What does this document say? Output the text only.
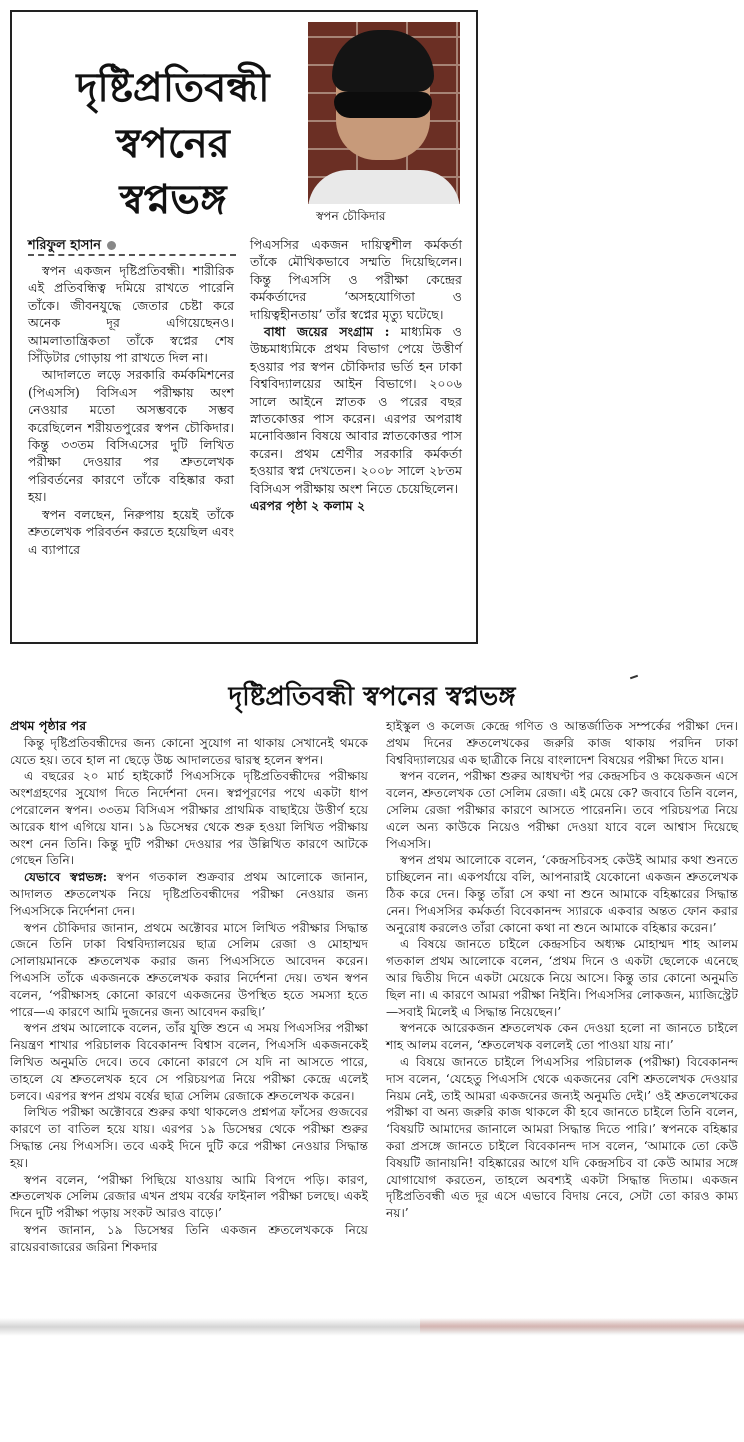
দৃষ্টিপ্রতিবন্ধী স্বপনের স্বপ্নভঙ্গ	স্বপন চৌকিদার

শরিফুল হাসান

স্বপন একজন দৃষ্টিপ্রতিবন্ধী। শারীরিক এই প্রতিবন্ধিত্ব দমিয়ে রাখতে পারেনি তাঁকে। জীবনযুদ্ধে জেতার চেষ্টা করে অনেক দূর এগিয়েছেনও। আমলাতান্ত্রিকতা তাঁকে স্বপ্নের শেষ সিঁড়িটার গোড়ায় পা রাখতে দিল না।

আদালতে লড়ে সরকারি কর্মকমিশনের (পিএসসি) বিসিএস পরীক্ষায় অংশ নেওয়ার মতো অসম্ভবকে সম্ভব করেছিলেন শরীয়তপুরের স্বপন চৌকিদার। কিন্তু ৩৩তম বিসিএসের দুটি লিখিত পরীক্ষা দেওয়ার পর শ্রুতলেখক পরিবর্তনের কারণে তাঁকে বহিষ্কার করা হয়।

স্বপন বলছেন, নিরুপায় হয়েই তাঁকে শ্রুতলেখক পরিবর্তন করতে হয়েছিল এবং এ ব্যাপারে

পিএসসির একজন দায়িত্বশীল কর্মকর্তা তাঁকে মৌখিকভাবে সম্মতি দিয়েছিলেন। কিন্তু পিএসসি ও পরীক্ষা কেন্দ্রের কর্মকর্তাদের ‘অসহযোগিতা ও দায়িত্বহীনতায়’ তাঁর স্বপ্নের মৃত্যু ঘটেছে।

বাধা জয়ের সংগ্রাম : মাধ্যমিক ও উচ্চমাধ্যমিকে প্রথম বিভাগ পেয়ে উত্তীর্ণ হওয়ার পর স্বপন চৌকিদার ভর্তি হন ঢাকা বিশ্ববিদ্যালয়ের আইন বিভাগে। ২০০৬ সালে আইনে স্নাতক ও পরের বছর স্নাতকোত্তর পাস করেন। এরপর অপরাধ মনোবিজ্ঞান বিষয়ে আবার স্নাতকোত্তর পাস করেন। প্রথম শ্রেণীর সরকারি কর্মকর্তা হওয়ার স্বপ্ন দেখতেন। ২০০৮ সালে ২৮তম বিসিএস পরীক্ষায় অংশ নিতে চেয়েছিলেন।

এরপর পৃষ্ঠা ২ কলাম ২

দৃষ্টিপ্রতিবন্ধী স্বপনের স্বপ্নভঙ্গ

প্রথম পৃষ্ঠার পর

কিন্তু দৃষ্টিপ্রতিবন্ধীদের জন্য কোনো সুযোগ না থাকায় সেখানেই থমকে যেতে হয়। তবে হাল না ছেড়ে উচ্চ আদালতের দ্বারস্থ হলেন স্বপন।

এ বছরের ২০ মার্চ হাইকোর্ট পিএসসিকে দৃষ্টিপ্রতিবন্ধীদের পরীক্ষায় অংশগ্রহণের সুযোগ দিতে নির্দেশনা দেন। স্বপ্নপূরণের পথে একটা ধাপ পেরোলেন স্বপন। ৩৩তম বিসিএস পরীক্ষার প্রাথমিক বাছাইয়ে উত্তীর্ণ হয়ে আরেক ধাপ এগিয়ে যান। ১৯ ডিসেম্বর থেকে শুরু হওয়া লিখিত পরীক্ষায় অংশ নেন তিনি। কিন্তু দুটি পরীক্ষা দেওয়ার পর উল্লিখিত কারণে আটকে গেছেন তিনি।

যেভাবে স্বপ্নভঙ্গ: স্বপন গতকাল শুক্রবার প্রথম আলোকে জানান, আদালত শ্রুতলেখক নিয়ে দৃষ্টিপ্রতিবন্ধীদের পরীক্ষা নেওয়ার জন্য পিএসসিকে নির্দেশনা দেন।

স্বপন চৌকিদার জানান, প্রথমে অক্টোবর মাসে লিখিত পরীক্ষার সিদ্ধান্ত জেনে তিনি ঢাকা বিশ্ববিদ্যালয়ের ছাত্র সেলিম রেজা ও মোহাম্মদ সোলায়মানকে শ্রুতলেখক করার জন্য পিএসসিতে আবেদন করেন। পিএসসি তাঁকে একজনকে শ্রুতলেখক করার নির্দেশনা দেয়। তখন স্বপন বলেন, ‘পরীক্ষাসহ কোনো কারণে একজনের উপস্থিত হতে সমস্যা হতে পারে—এ কারণে আমি দুজনের জন্য আবেদন করছি।’

স্বপন প্রথম আলোকে বলেন, তাঁর যুক্তি শুনে এ সময় পিএসসির পরীক্ষা নিয়ন্ত্রণ শাখার পরিচালক বিবেকানন্দ বিশ্বাস বলেন, পিএসসি একজনকেই লিখিত অনুমতি দেবে। তবে কোনো কারণে সে যদি না আসতে পারে, তাহলে যে শ্রুতলেখক হবে সে পরিচয়পত্র নিয়ে পরীক্ষা কেন্দ্রে এলেই চলবে। এরপর স্বপন প্রথম বর্ষের ছাত্র সেলিম রেজাকে শ্রুতলেখক করেন।

লিখিত পরীক্ষা অক্টোবরে শুরুর কথা থাকলেও প্রশ্নপত্র ফাঁসের গুজবের কারণে তা বাতিল হয়ে যায়। এরপর ১৯ ডিসেম্বর থেকে পরীক্ষা শুরুর সিদ্ধান্ত নেয় পিএসসি। তবে একই দিনে দুটি করে পরীক্ষা নেওয়ার সিদ্ধান্ত হয়।

স্বপন বলেন, ‘পরীক্ষা পিছিয়ে যাওয়ায় আমি বিপদে পড়ি। কারণ, শ্রুতলেখক সেলিম রেজার এখন প্রথম বর্ষের ফাইনাল পরীক্ষা চলছে। একই দিনে দুটি পরীক্ষা পড়ায় সংকট আরও বাড়ে।’

স্বপন জানান, ১৯ ডিসেম্বর তিনি একজন শ্রুতলেখককে নিয়ে রায়েরবাজারের জরিনা শিকদার

হাইস্কুল ও কলেজ কেন্দ্রে গণিত ও আন্তর্জাতিক সম্পর্কের পরীক্ষা দেন। প্রথম দিনের শ্রুতলেখকের জরুরি কাজ থাকায় পরদিন ঢাকা বিশ্ববিদ্যালয়ের এক ছাত্রীকে নিয়ে বাংলাদেশ বিষয়ের পরীক্ষা দিতে যান।

স্বপন বলেন, পরীক্ষা শুরুর আধঘণ্টা পর কেন্দ্রসচিব ও কয়েকজন এসে বলেন, শ্রুতলেখক তো সেলিম রেজা। এই মেয়ে কে? জবাবে তিনি বলেন, সেলিম রেজা পরীক্ষার কারণে আসতে পারেননি। তবে পরিচয়পত্র নিয়ে এলে অন্য কাউকে নিয়েও পরীক্ষা দেওয়া যাবে বলে আশ্বাস দিয়েছে পিএসসি।

স্বপন প্রথম আলোকে বলেন, ‘কেন্দ্রসচিবসহ কেউই আমার কথা শুনতে চাচ্ছিলেন না। একপর্যায়ে বলি, আপনারাই যেকোনো একজন শ্রুতলেখক ঠিক করে দেন। কিন্তু তাঁরা সে কথা না শুনে আমাকে বহিষ্কারের সিদ্ধান্ত নেন। পিএসসির কর্মকর্তা বিবেকানন্দ স্যারকে একবার অন্তত ফোন করার অনুরোধ করলেও তাঁরা কোনো কথা না শুনে আমাকে বহিষ্কার করেন।’

এ বিষয়ে জানতে চাইলে কেন্দ্রসচিব অধ্যক্ষ মোহাম্মদ শাহ আলম গতকাল প্রথম আলোকে বলেন, ‘প্রথম দিনে ও একটা ছেলেকে এনেছে আর দ্বিতীয় দিনে একটা মেয়েকে নিয়ে আসে। কিন্তু তার কোনো অনুমতি ছিল না। এ কারণে আমরা পরীক্ষা নিইনি। পিএসসির লোকজন, ম্যাজিস্ট্রেট—সবাই মিলেই এ সিদ্ধান্ত নিয়েছেন।’

স্বপনকে আরেকজন শ্রুতলেখক কেন দেওয়া হলো না জানতে চাইলে শাহ আলম বলেন, ‘শ্রুতলেখক বললেই তো পাওয়া যায় না।’

এ বিষয়ে জানতে চাইলে পিএসসির পরিচালক (পরীক্ষা) বিবেকানন্দ দাস বলেন, ‘যেহেতু পিএসসি থেকে একজনের বেশি শ্রুতলেখক দেওয়ার নিয়ম নেই, তাই আমরা একজনের জন্যই অনুমতি দেই।’ ওই শ্রুতলেখকের পরীক্ষা বা অন্য জরুরি কাজ থাকলে কী হবে জানতে চাইলে তিনি বলেন, ‘বিষয়টি আমাদের জানালে আমরা সিদ্ধান্ত দিতে পারি।’ স্বপনকে বহিষ্কার করা প্রসঙ্গে জানতে চাইলে বিবেকানন্দ দাস বলেন, ‘আমাকে তো কেউ বিষয়টি জানায়নি! বহিষ্কারের আগে যদি কেন্দ্রসচিব বা কেউ আমার সঙ্গে যোগাযোগ করতেন, তাহলে অবশ্যই একটা সিদ্ধান্ত দিতাম। একজন দৃষ্টিপ্রতিবন্ধী এত দূর এসে এভাবে বিদায় নেবে, সেটা তো কারও কাম্য নয়।’
